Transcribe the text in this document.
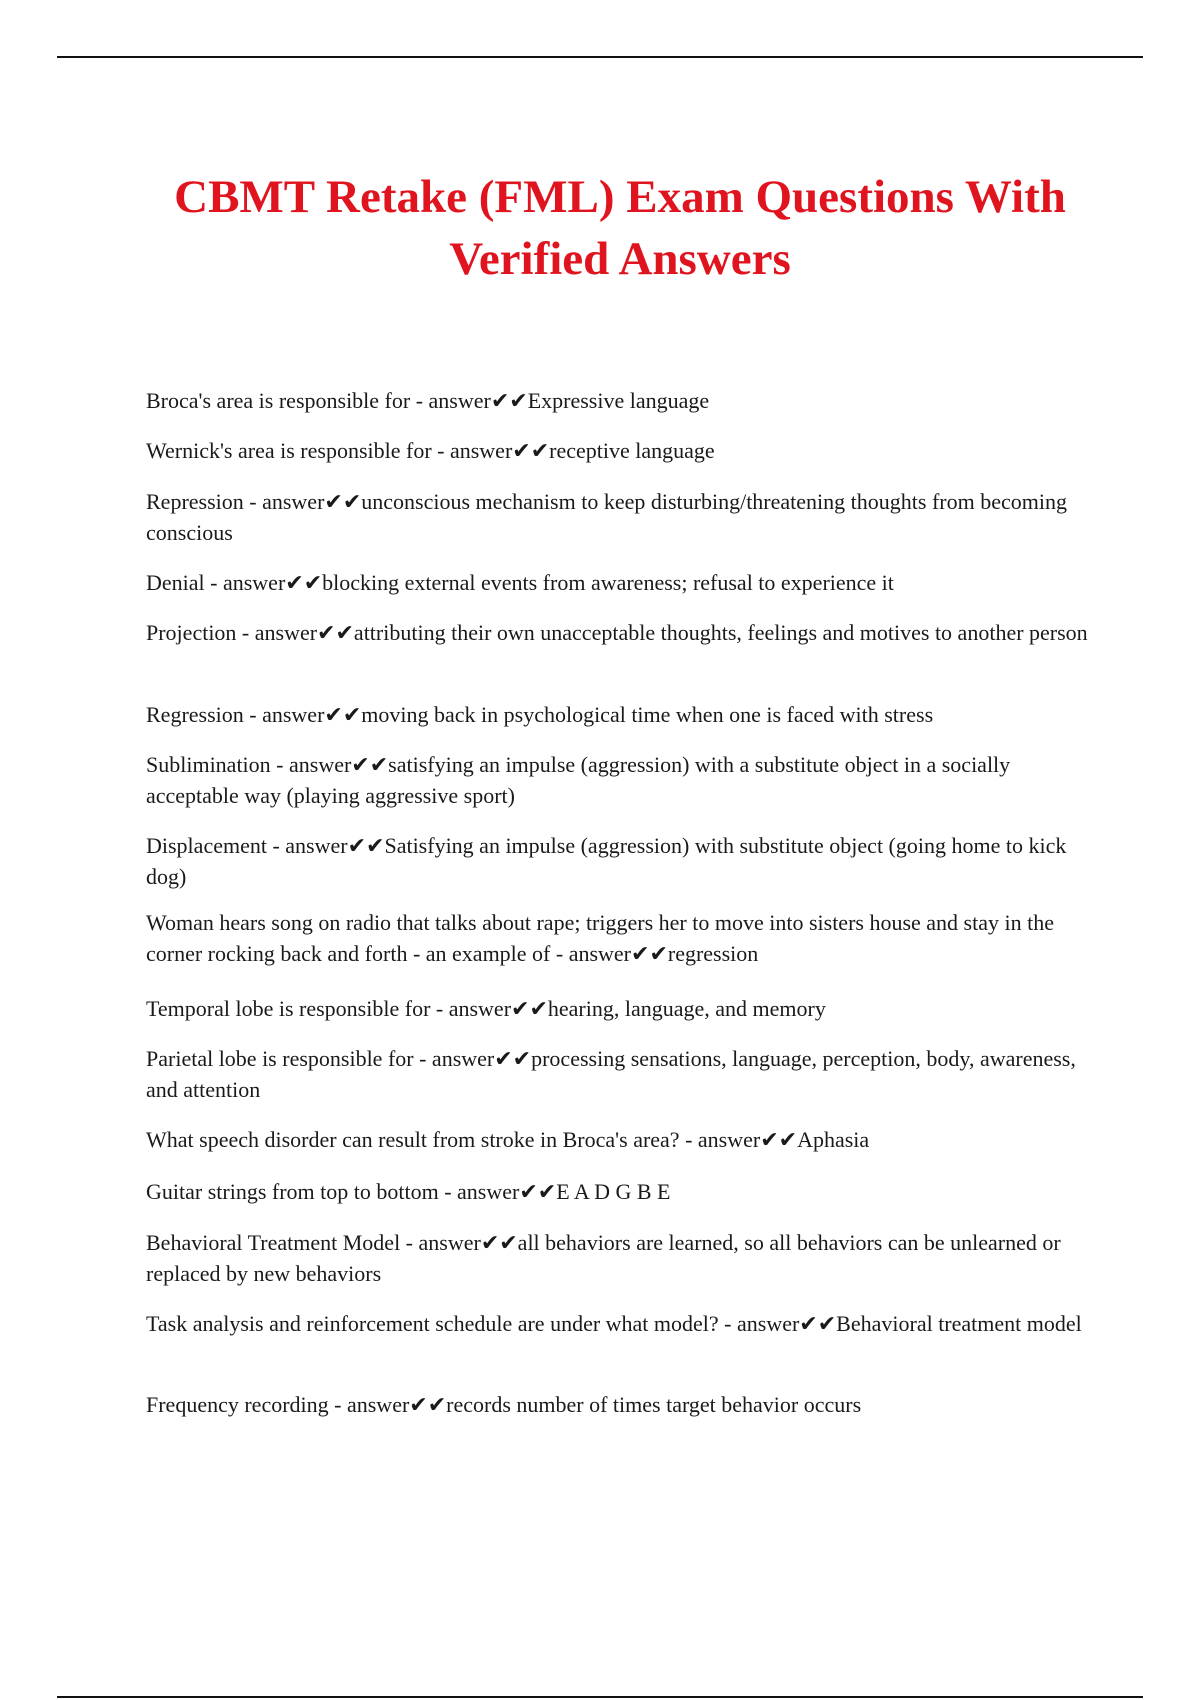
CBMT Retake (FML) Exam Questions With Verified Answers

Broca's area is responsible for - answer✔✔Expressive language

Wernick's area is responsible for - answer✔✔receptive language

Repression - answer✔✔unconscious mechanism to keep disturbing/threatening thoughts from becoming conscious

Denial - answer✔✔blocking external events from awareness; refusal to experience it

Projection - answer✔✔attributing their own unacceptable thoughts, feelings and motives to another person

Regression - answer✔✔moving back in psychological time when one is faced with stress

Sublimination - answer✔✔satisfying an impulse (aggression) with a substitute object in a socially acceptable way (playing aggressive sport)

Displacement - answer✔✔Satisfying an impulse (aggression) with substitute object (going home to kick dog)

Woman hears song on radio that talks about rape; triggers her to move into sisters house and stay in the corner rocking back and forth - an example of - answer✔✔regression

Temporal lobe is responsible for - answer✔✔hearing, language, and memory

Parietal lobe is responsible for - answer✔✔processing sensations, language, perception, body, awareness, and attention

What speech disorder can result from stroke in Broca's area? - answer✔✔Aphasia

Guitar strings from top to bottom - answer✔✔E A D G B E

Behavioral Treatment Model - answer✔✔all behaviors are learned, so all behaviors can be unlearned or replaced by new behaviors

Task analysis and reinforcement schedule are under what model? - answer✔✔Behavioral treatment model

Frequency recording - answer✔✔records number of times target behavior occurs
